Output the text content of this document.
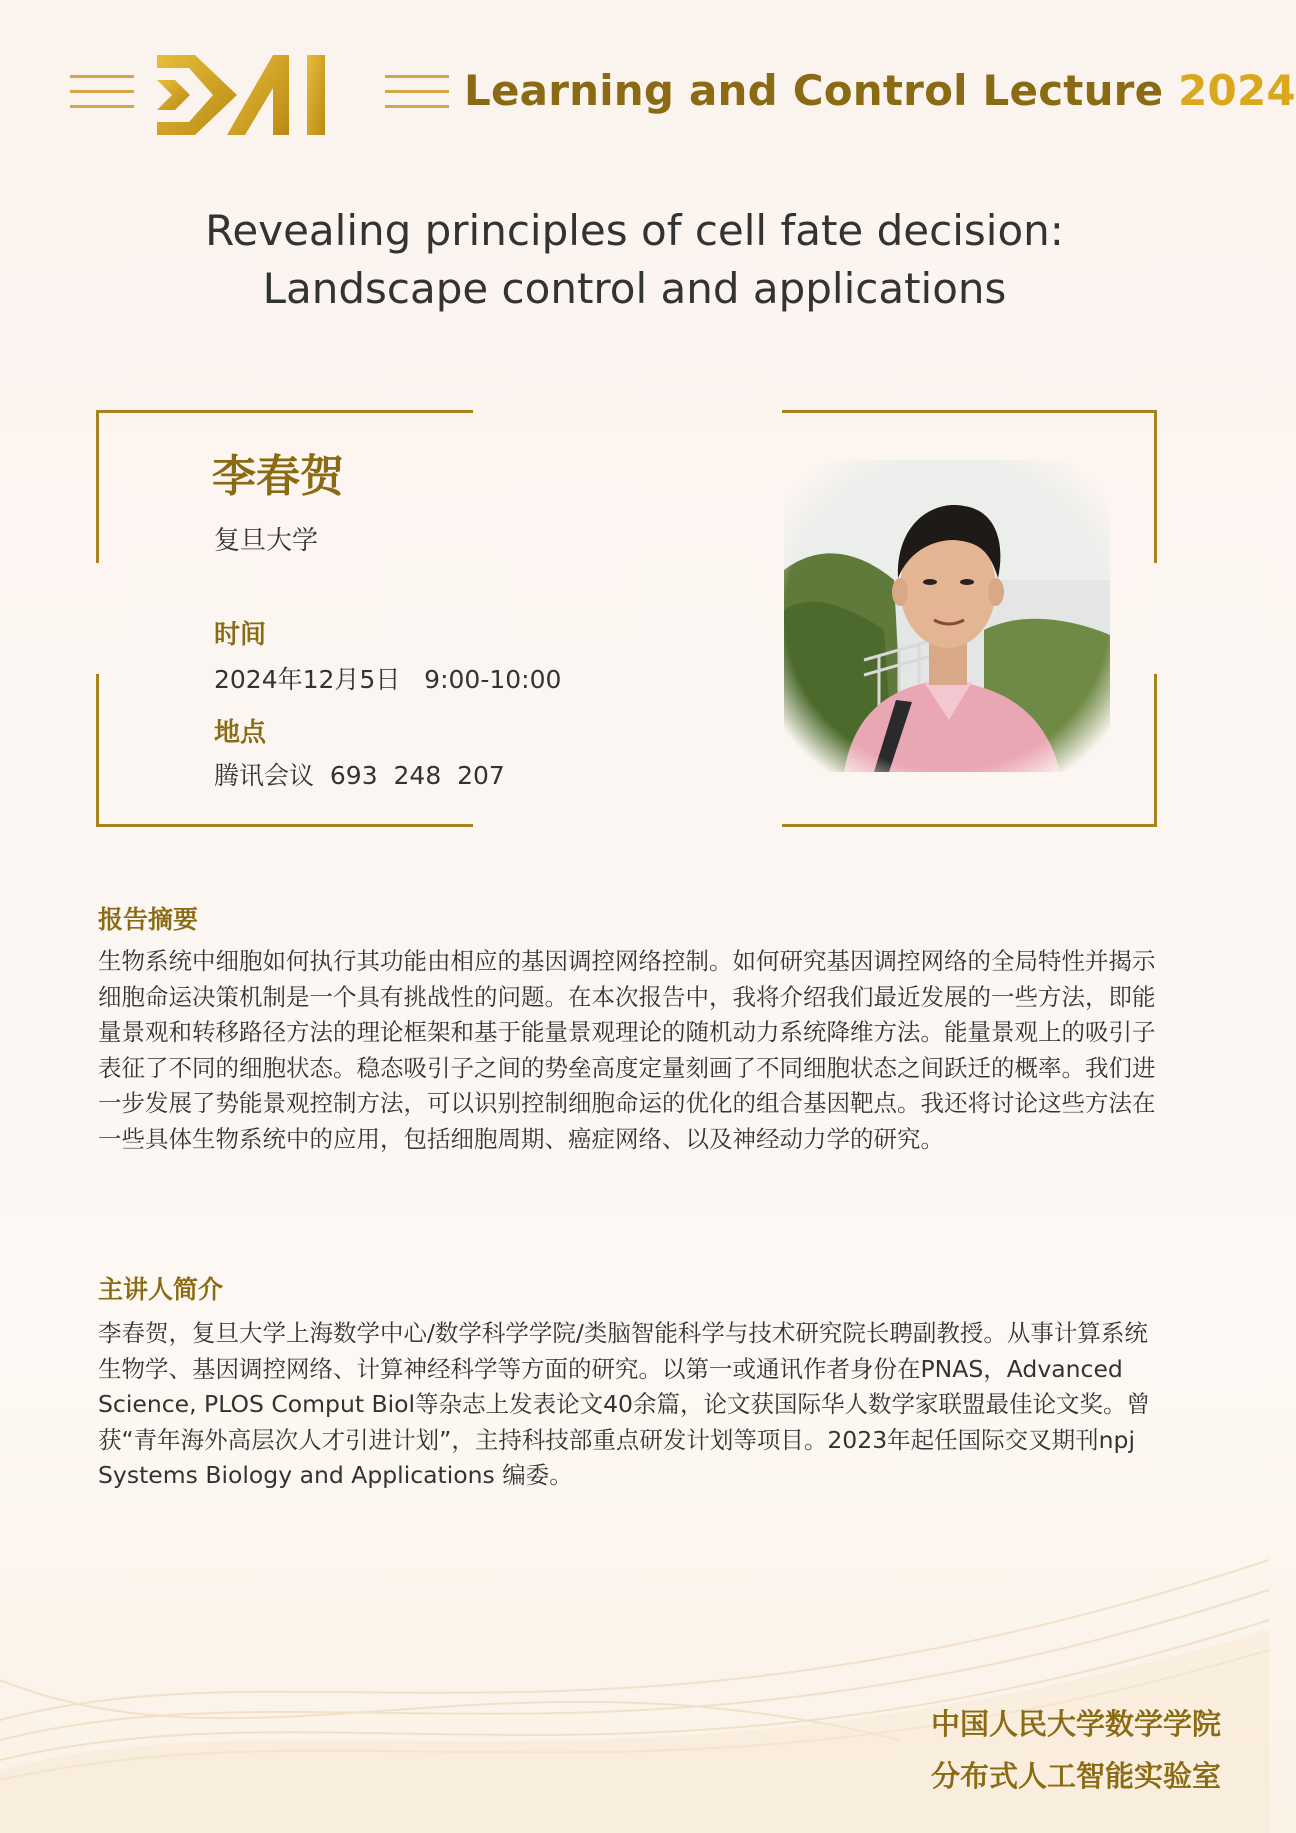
Learning and Control Lecture 2024
Revealing principles of cell fate decision:
Landscape control and applications
李春贺
复旦大学
时间
2024年12月5日   9:00-10:00
地点
腾讯会议  693  248  207
报告摘要
生物系统中细胞如何执行其功能由相应的基因调控网络控制。如何研究基因调控网络的全局特性并揭示细胞命运决策机制是一个具有挑战性的问题。在本次报告中，我将介绍我们最近发展的一些方法，即能量景观和转移路径方法的理论框架和基于能量景观理论的随机动力系统降维方法。能量景观上的吸引子表征了不同的细胞状态。稳态吸引子之间的势垒高度定量刻画了不同细胞状态之间跃迁的概率。我们进一步发展了势能景观控制方法，可以识别控制细胞命运的优化的组合基因靶点。我还将讨论这些方法在一些具体生物系统中的应用，包括细胞周期、癌症网络、以及神经动力学的研究。
主讲人简介
李春贺，复旦大学上海数学中心/数学科学学院/类脑智能科学与技术研究院长聘副教授。从事计算系统生物学、基因调控网络、计算神经科学等方面的研究。以第一或通讯作者身份在PNAS，Advanced Science, PLOS Comput Biol等杂志上发表论文40余篇，论文获国际华人数学家联盟最佳论文奖。曾获“青年海外高层次人才引进计划”，主持科技部重点研发计划等项目。2023年起任国际交叉期刊npj Systems Biology and Applications 编委。
中国人民大学数学学院
分布式人工智能实验室
